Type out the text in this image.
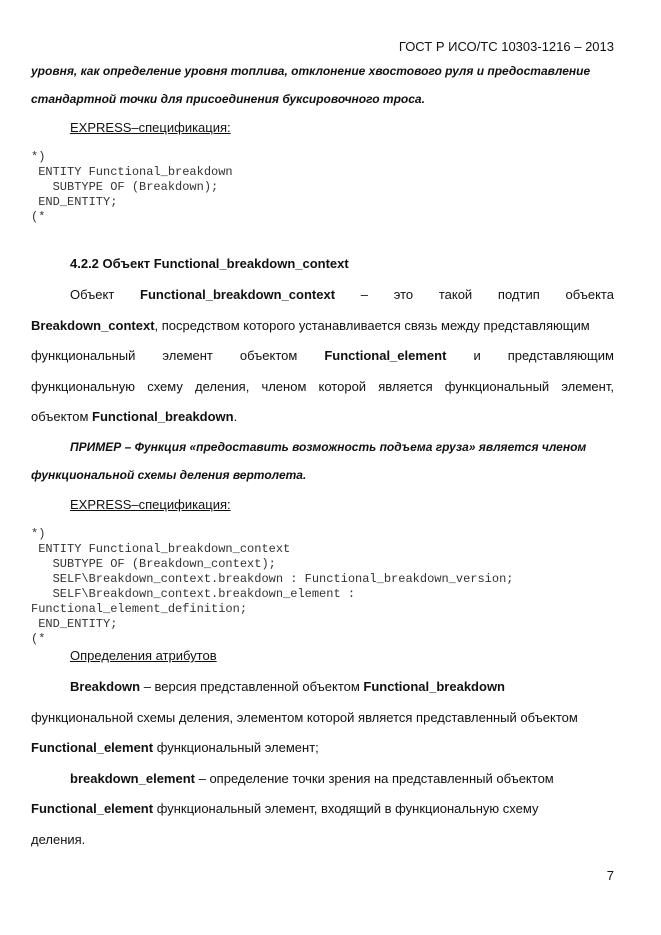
ГОСТ Р ИСО/ТС 10303-1216 – 2013
уровня, как определение уровня топлива, отклонение хвостового руля и предоставление
стандартной точки для присоединения буксировочного троса.
EXPRESS–спецификация:
*)
ENTITY Functional_breakdown
SUBTYPE OF (Breakdown);
END_ENTITY;
(*
4.2.2 Объект Functional_breakdown_context
Объект Functional_breakdown_context – это такой подтип объекта
Breakdown_context, посредством которого устанавливается связь между представляющим
функциональный элемент объектом Functional_element и представляющим
функциональную схему деления, членом которой является функциональный элемент,
объектом Functional_breakdown.
ПРИМЕР – Функция «предоставить возможность подъема груза» является членом
функциональной схемы деления вертолета.
EXPRESS–спецификация:
*)
ENTITY Functional_breakdown_context
SUBTYPE OF (Breakdown_context);
SELF\Breakdown_context.breakdown : Functional_breakdown_version;
SELF\Breakdown_context.breakdown_element :
Functional_element_definition;
END_ENTITY;
(*
Определения атрибутов
Breakdown – версия представленной объектом Functional_breakdown
функциональной схемы деления, элементом которой является представленный объектом
Functional_element функциональный элемент;
breakdown_element – определение точки зрения на представленный объектом
Functional_element функциональный элемент, входящий в функциональную схему
деления.
7
